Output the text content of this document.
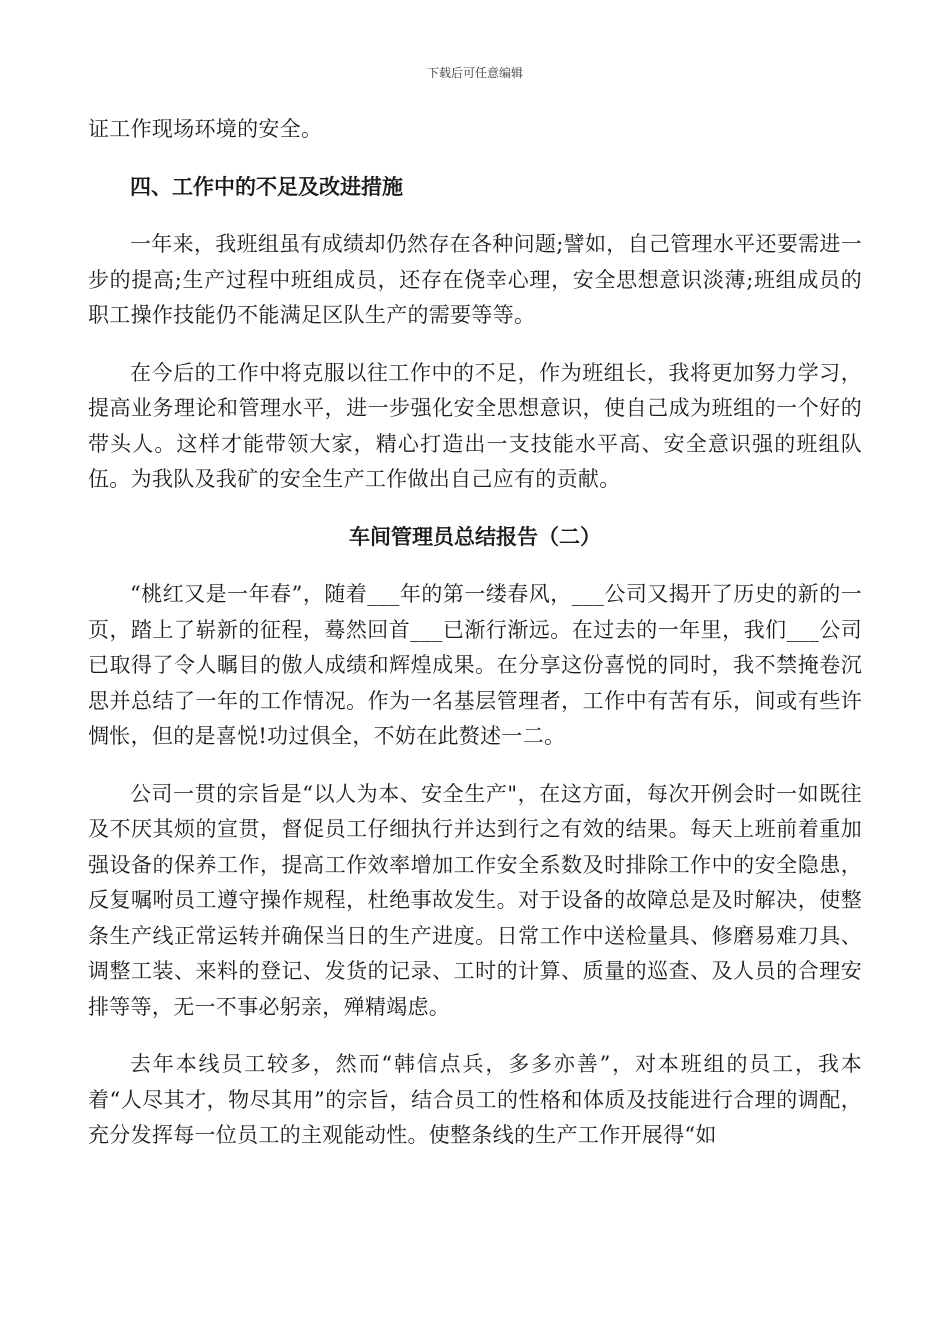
下载后可任意编辑

证工作现场环境的安全。

四、工作中的不足及改进措施

一年来，我班组虽有成绩却仍然存在各种问题;譬如，自己管理水平还要需进一步的提高;生产过程中班组成员，还存在侥幸心理，安全思想意识淡薄;班组成员的职工操作技能仍不能满足区队生产的需要等等。

在今后的工作中将克服以往工作中的不足，作为班组长，我将更加努力学习，提高业务理论和管理水平，进一步强化安全思想意识，使自己成为班组的一个好的带头人。这样才能带领大家，精心打造出一支技能水平高、安全意识强的班组队伍。为我队及我矿的安全生产工作做出自己应有的贡献。

车间管理员总结报告（二）

“桃红又是一年春”，随着___年的第一缕春风，___公司又揭开了历史的新的一页，踏上了崭新的征程，蓦然回首___已渐行渐远。在过去的一年里，我们___公司已取得了令人瞩目的傲人成绩和辉煌成果。在分享这份喜悦的同时，我不禁掩卷沉思并总结了一年的工作情况。作为一名基层管理者，工作中有苦有乐，间或有些许惆怅，但的是喜悦!功过俱全，不妨在此赘述一二。

公司一贯的宗旨是“以人为本、安全生产"，在这方面，每次开例会时一如既往及不厌其烦的宣贯，督促员工仔细执行并达到行之有效的结果。每天上班前着重加强设备的保养工作，提高工作效率增加工作安全系数及时排除工作中的安全隐患，反复嘱咐员工遵守操作规程，杜绝事故发生。对于设备的故障总是及时解决，使整条生产线正常运转并确保当日的生产进度。日常工作中送检量具、修磨易难刀具、调整工装、来料的登记、发货的记录、工时的计算、质量的巡查、及人员的合理安排等等，无一不事必躬亲，殚精竭虑。

去年本线员工较多，然而“韩信点兵，多多亦善”，对本班组的员工，我本着“人尽其才，物尽其用”的宗旨，结合员工的性格和体质及技能进行合理的调配，充分发挥每一位员工的主观能动性。使整条线的生产工作开展得“如
